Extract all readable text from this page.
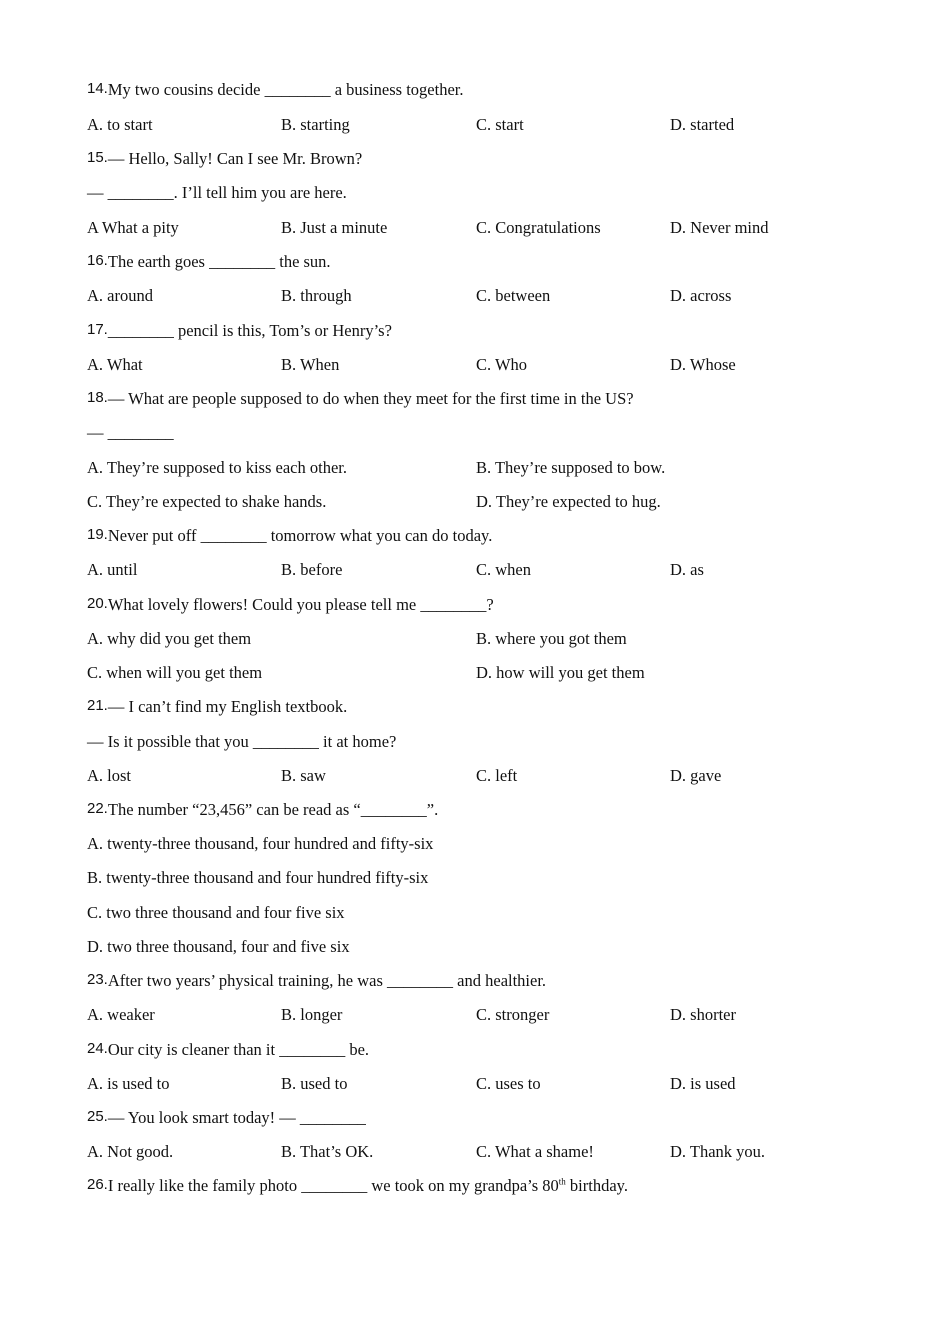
14.My two cousins decide ________ a business together.
A. to start	B. starting	C. start	D. started
15.— Hello, Sally! Can I see Mr. Brown?
— ________. I’ll tell him you are here.
A What a pity	B. Just a minute	C. Congratulations	D. Never mind
16.The earth goes ________ the sun.
A. around	B. through	C. between	D. across
17.________ pencil is this, Tom’s or Henry’s?
A. What	B. When	C. Who	D. Whose
18.— What are people supposed to do when they meet for the first time in the US?
— ________
A. They’re supposed to kiss each other.	B. They’re supposed to bow.
C. They’re expected to shake hands.	D. They’re expected to hug.
19.Never put off ________ tomorrow what you can do today.
A. until	B. before	C. when	D. as
20.What lovely flowers! Could you please tell me ________?
A. why did you get them	B. where you got them
C. when will you get them	D. how will you get them
21.— I can’t find my English textbook.
— Is it possible that you ________ it at home?
A. lost	B. saw	C. left	D. gave
22.The number “23,456” can be read as “________”.
A. twenty-three thousand, four hundred and fifty-six
B. twenty-three thousand and four hundred fifty-six
C. two three thousand and four five six
D. two three thousand, four and five six
23.After two years’ physical training, he was ________ and healthier.
A. weaker	B. longer	C. stronger	D. shorter
24.Our city is cleaner than it ________ be.
A. is used to	B. used to	C. uses to	D. is used
25.— You look smart today! — ________
A. Not good.	B. That’s OK.	C. What a shame!	D. Thank you.
26.I really like the family photo ________ we took on my grandpa’s 80th birthday.
